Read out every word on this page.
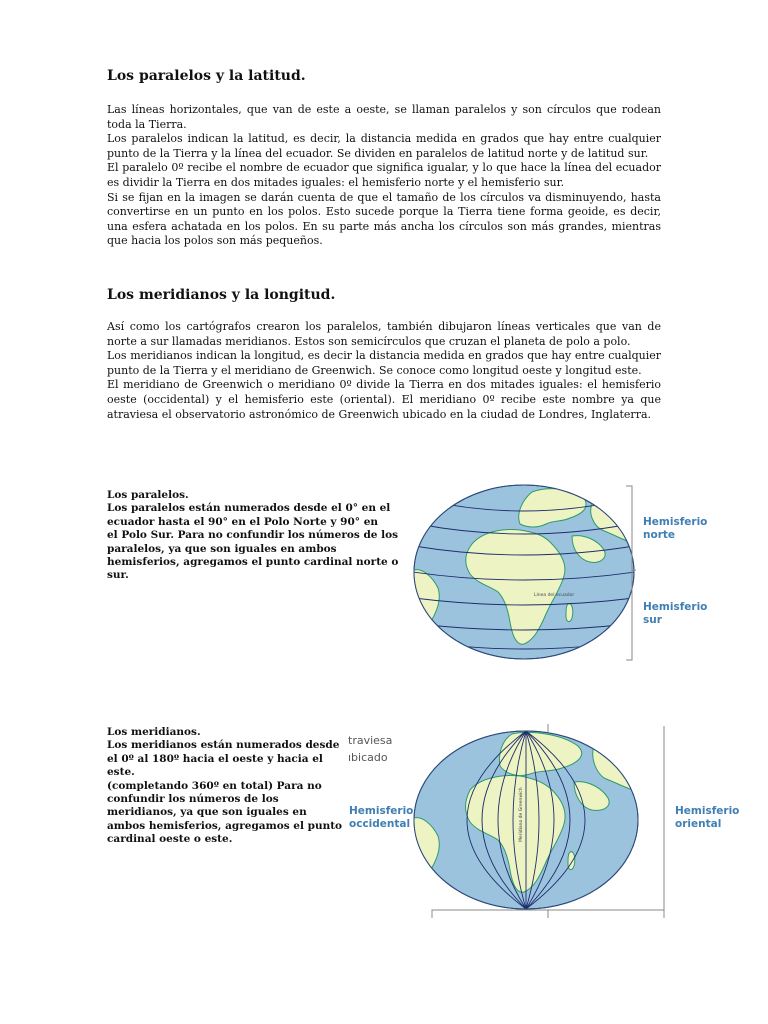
Los paralelos y la latitud.
Las líneas horizontales, que van de este a oeste, se llaman paralelos y son círculos que rodean toda la Tierra.
Los paralelos indican la latitud, es decir, la distancia medida en grados que hay entre cualquier punto de la Tierra y la línea del ecuador. Se dividen en paralelos de latitud norte y de latitud sur.
El paralelo 0º recibe el nombre de ecuador que significa igualar, y lo que hace la línea del ecuador es dividir la Tierra en dos mitades iguales: el hemisferio norte y el hemisferio sur.
Si se fijan en la imagen se darán cuenta de que el tamaño de los círculos va disminuyendo, hasta convertirse en un punto en los polos. Esto sucede porque la Tierra tiene forma geoide, es decir, una esfera achatada en los polos. En su parte más ancha los círculos son más grandes, mientras que hacia los polos son más pequeños.
Los meridianos y la longitud.
Así como los cartógrafos crearon los paralelos, también dibujaron líneas verticales que van de norte a sur llamadas meridianos. Estos son semicírculos que cruzan el planeta de polo a polo.
Los meridianos indican la longitud, es decir la distancia medida en grados que hay entre cualquier punto de la Tierra y el meridiano de Greenwich. Se conoce como longitud oeste y longitud este.
El meridiano de Greenwich o meridiano 0º divide la Tierra en dos mitades iguales: el hemisferio oeste (occidental) y el hemisferio este (oriental). El meridiano 0º recibe este nombre ya que atraviesa el observatorio astronómico de Greenwich ubicado en la ciudad de Londres, Inglaterra.
Los paralelos.
Los paralelos están numerados desde el 0° en el ecuador hasta el 90° en el Polo Norte y 90° en
el Polo Sur. Para no confundir los números de los paralelos, ya que son iguales en ambos hemisferios, agregamos el punto cardinal norte o sur.
Línea del ecuador
Hemisferio
norte
Hemisferio
sur
Los meridianos.
Los meridianos están numerados desde el 0º al 180º hacia el oeste y hacia el este.
(completando 360º en total) Para no confundir los números de los meridianos, ya que son iguales en ambos hemisferios, agregamos el punto cardinal oeste o este.
traviesa
ıbicado
Meridiano de Greenwich
Hemisferio
occidental
Hemisferio
oriental
